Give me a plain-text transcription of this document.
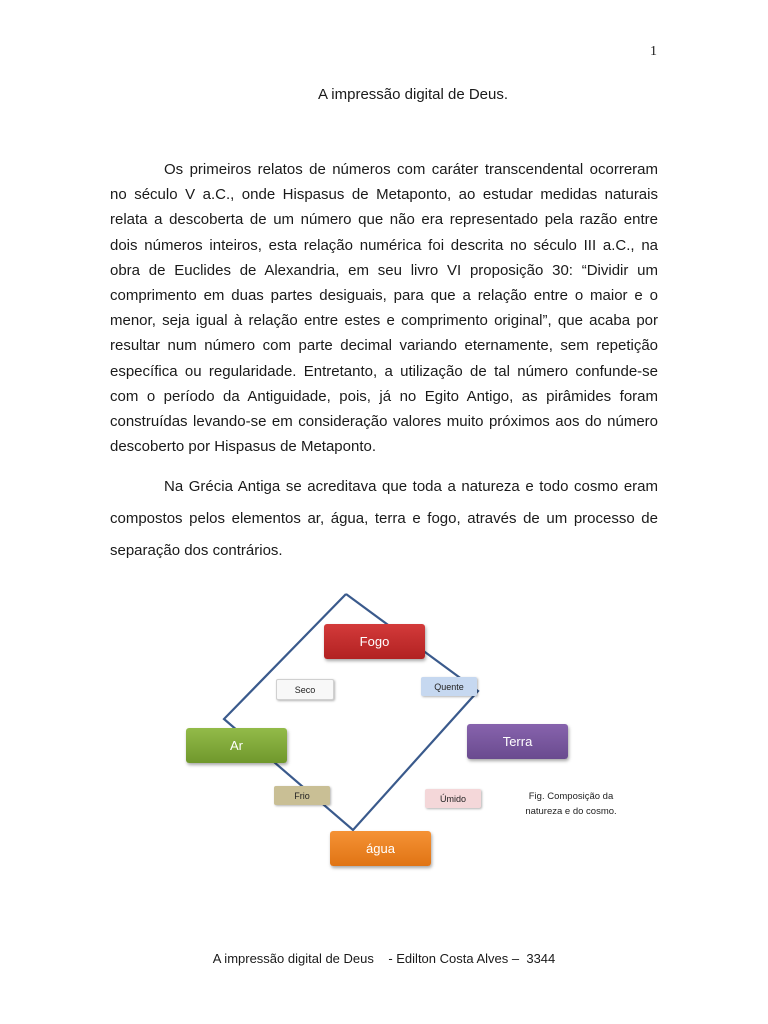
1
A impressão digital de Deus.

Os primeiros relatos de números com caráter transcendental ocorreram no século V a.C., onde Hispasus de Metaponto, ao estudar medidas naturais relata a descoberta de um número que não era representado pela razão entre dois números inteiros, esta relação numérica foi descrita no século III a.C., na obra de Euclides de Alexandria, em seu livro VI proposição 30: “Dividir um comprimento em duas partes desiguais, para que a relação entre o maior e o menor, seja igual à relação entre estes e comprimento original”, que acaba por resultar num número com parte decimal variando eternamente, sem repetição específica ou regularidade. Entretanto, a utilização de tal número confunde-se com o período da Antiguidade, pois, já no Egito Antigo, as pirâmides foram construídas levando-se em consideração valores muito próximos aos do número descoberto por Hispasus de Metaponto.

Na Grécia Antiga se acreditava que toda a natureza e todo cosmo eram compostos pelos elementos ar, água, terra e fogo, através de um processo de separação dos contrários.

Fogo
Ar	Terra
água
Seco	Quente
Frio	Úmido	Fig. Composição da
natureza e do cosmo.
A impressão digital de Deus    - Edilton Costa Alves –  3344
